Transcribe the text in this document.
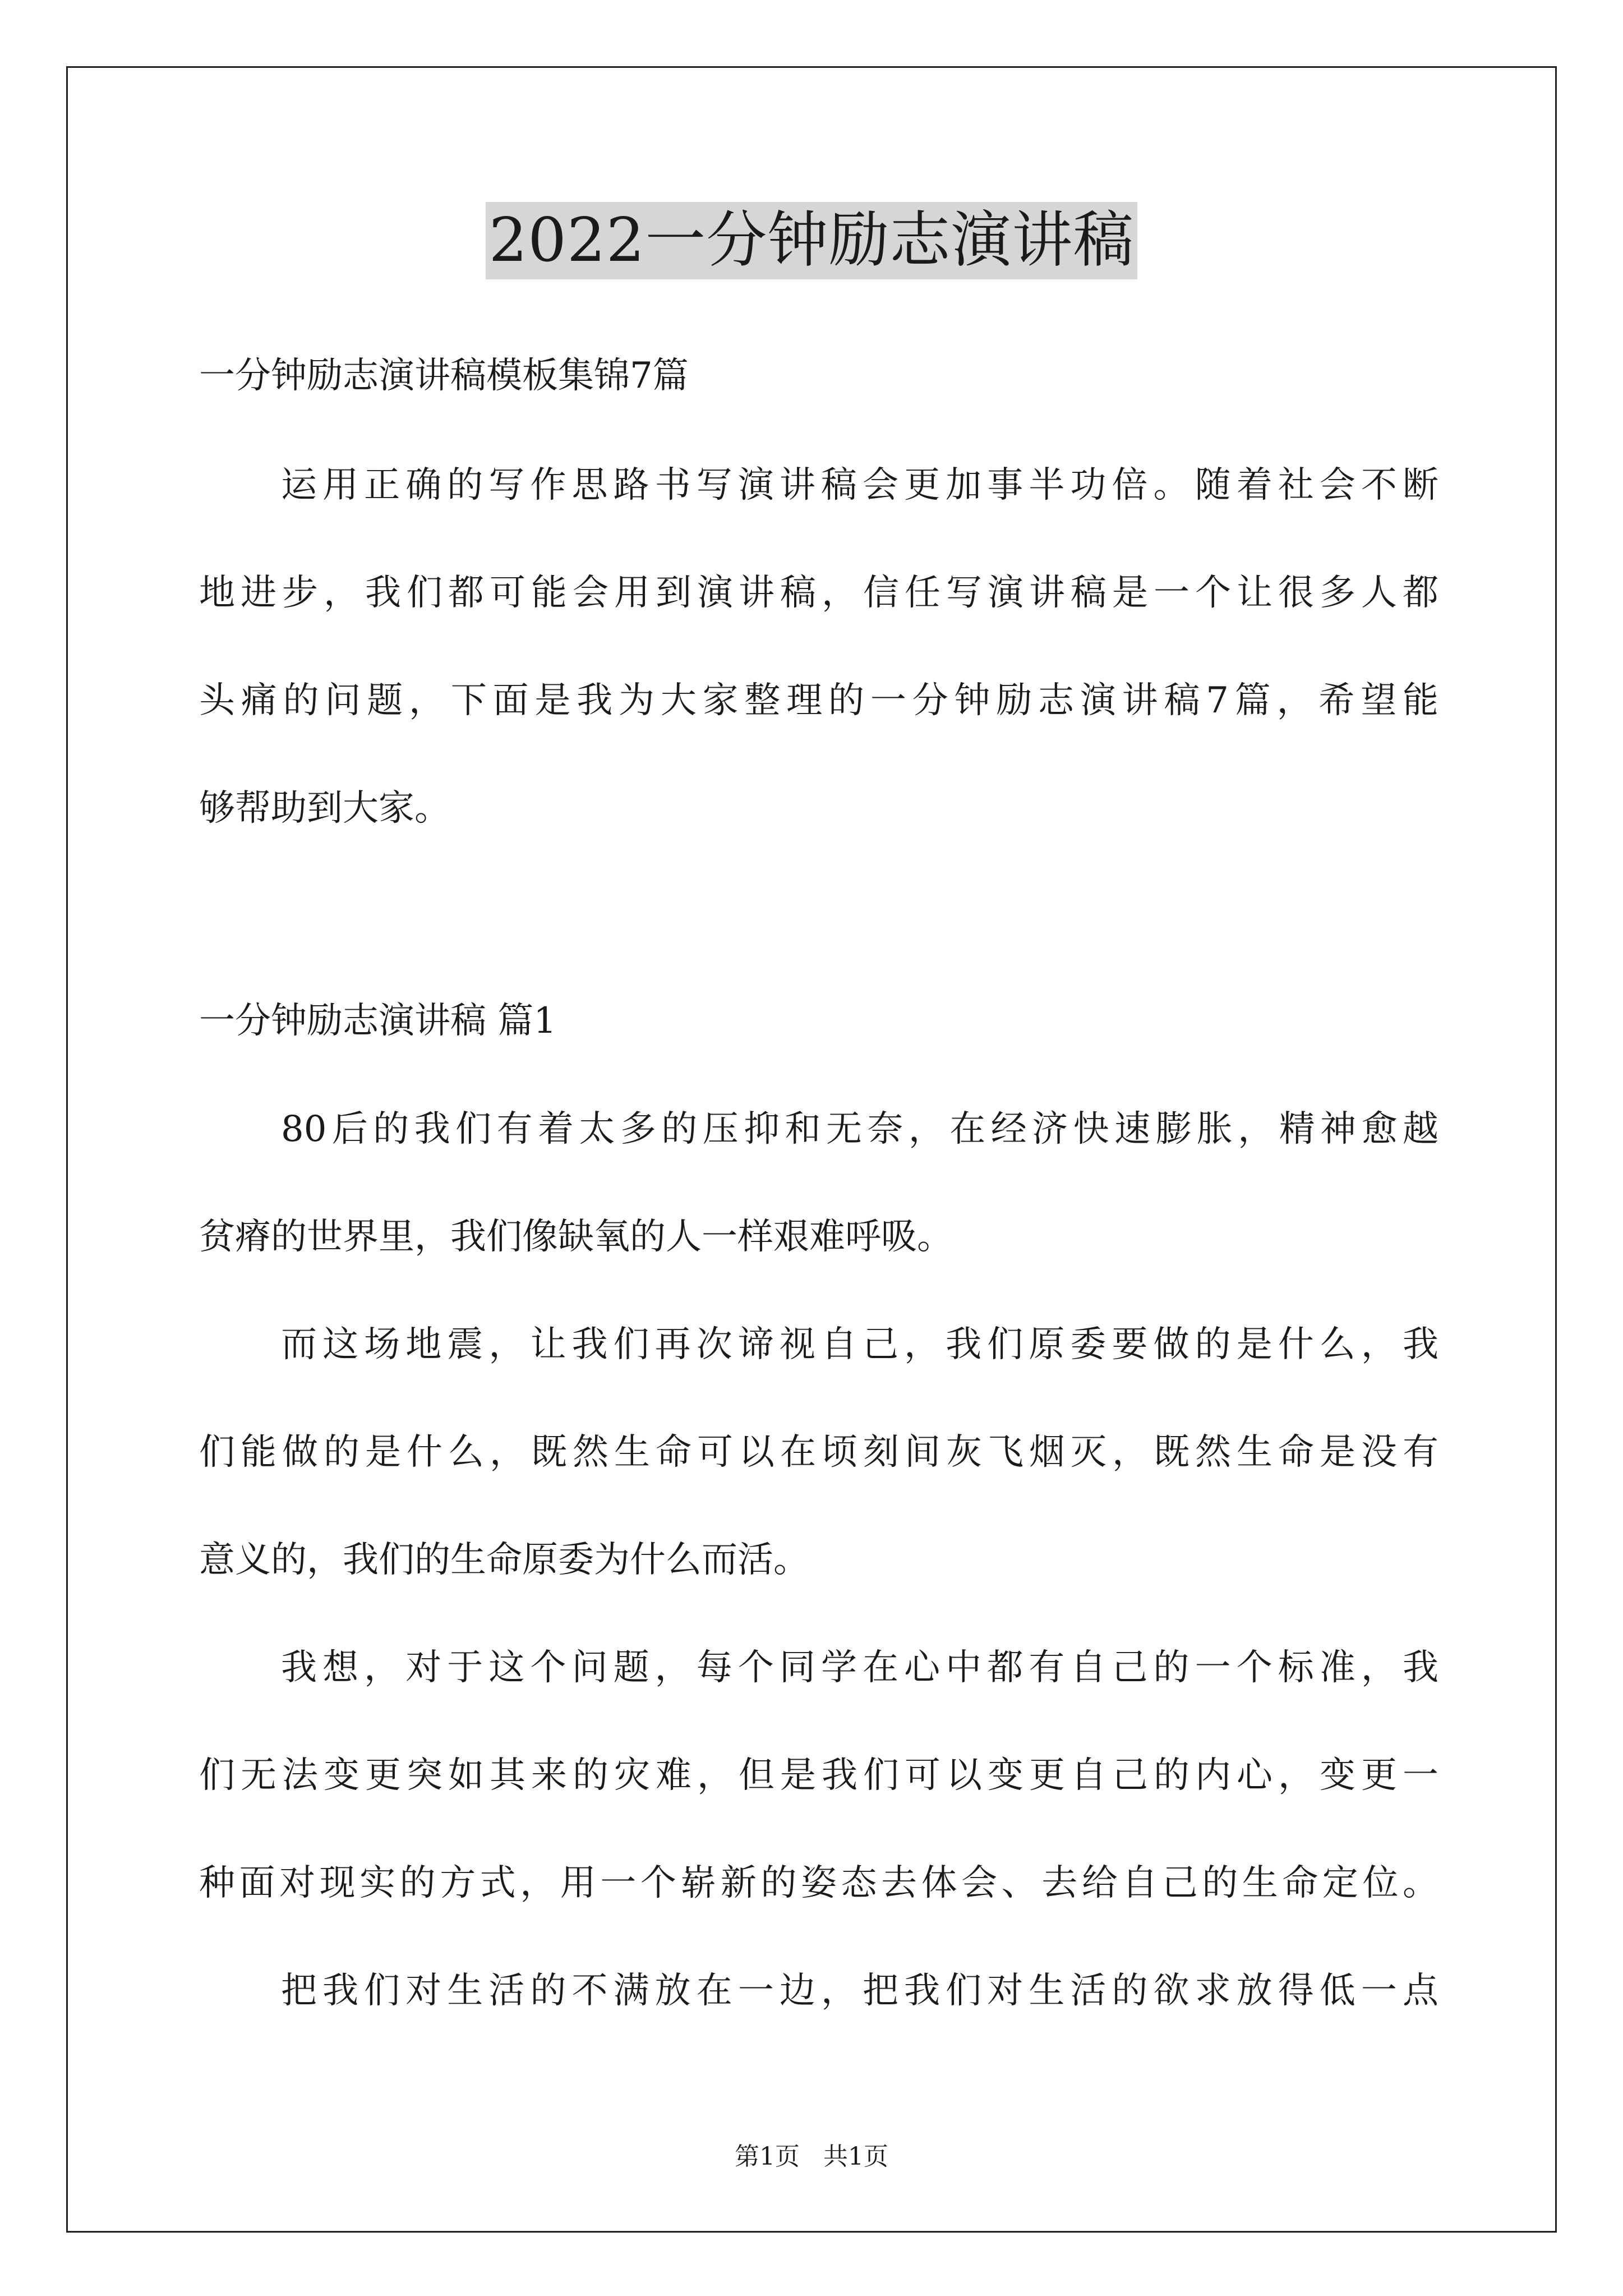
2022一分钟励志演讲稿
一分钟励志演讲稿模板集锦7篇
运用正确的写作思路书写演讲稿会更加事半功倍。随着社会不断
地进步，我们都可能会用到演讲稿，信任写演讲稿是一个让很多人都
头痛的问题，下面是我为大家整理的一分钟励志演讲稿7篇，希望能
够帮助到大家。
一分钟励志演讲稿 篇1
80后的我们有着太多的压抑和无奈，在经济快速膨胀，精神愈越
贫瘠的世界里，我们像缺氧的人一样艰难呼吸。
而这场地震，让我们再次谛视自己，我们原委要做的是什么，我
们能做的是什么，既然生命可以在顷刻间灰飞烟灭，既然生命是没有
意义的，我们的生命原委为什么而活。
我想，对于这个问题，每个同学在心中都有自己的一个标准，我
们无法变更突如其来的灾难，但是我们可以变更自己的内心，变更一
种面对现实的方式，用一个崭新的姿态去体会、去给自己的生命定位。
把我们对生活的不满放在一边，把我们对生活的欲求放得低一点
第1页 共1页
